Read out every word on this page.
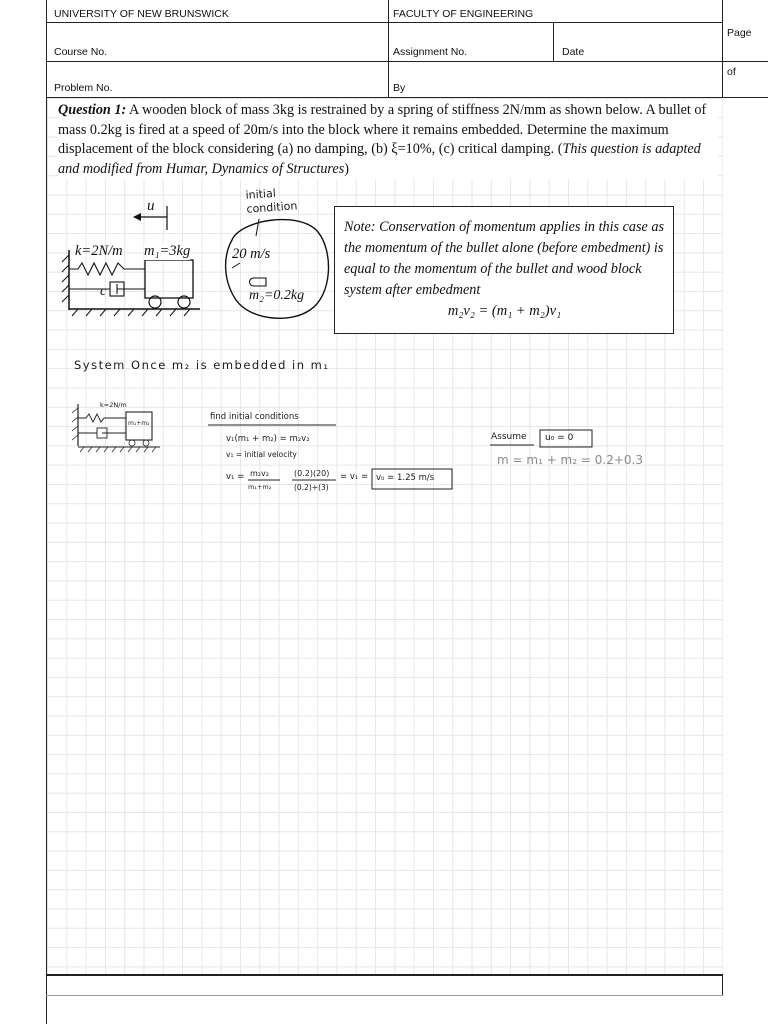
UNIVERSITY OF NEW BRUNSWICK	FACULTY OF ENGINEERING
Course No.	Assignment No.	Date
Page
Problem No.	By
of
Question 1: A wooden block of mass 3kg is restrained by a spring of stiffness 2N/mm as shown below. A bullet of mass 0.2kg is fired at a speed of 20m/s into the block where it remains embedded. Determine the maximum displacement of the block considering (a) no damping, (b) ξ=10%, (c) critical damping. (This question is adapted and modified from Humar, Dynamics of Structures)
u
k=2N/m m₁=3kg
c
initial condition
20 m/s
m₂=0.2kg
Note: Conservation of momentum applies in this case as the momentum of the bullet alone (before embedment) is equal to the momentum of the bullet and wood block system after embedment
m₂v₂ = (m₁ + m₂)v₁
System Once m₂ is embedded in m₁
k=2N/m
m₁+m₂
find initial conditions
v₁(m₁ + m₂) = m₂v₂
v₁ = initial velocity
v₁ = m₂v₂
m₁+m₂
(0.2)(20)
(0.2)+(3)
= v₁ = v₀ = 1.25 m/s
Assume u₀ = 0
m = m₁ + m₂ = 0.2+0.3
